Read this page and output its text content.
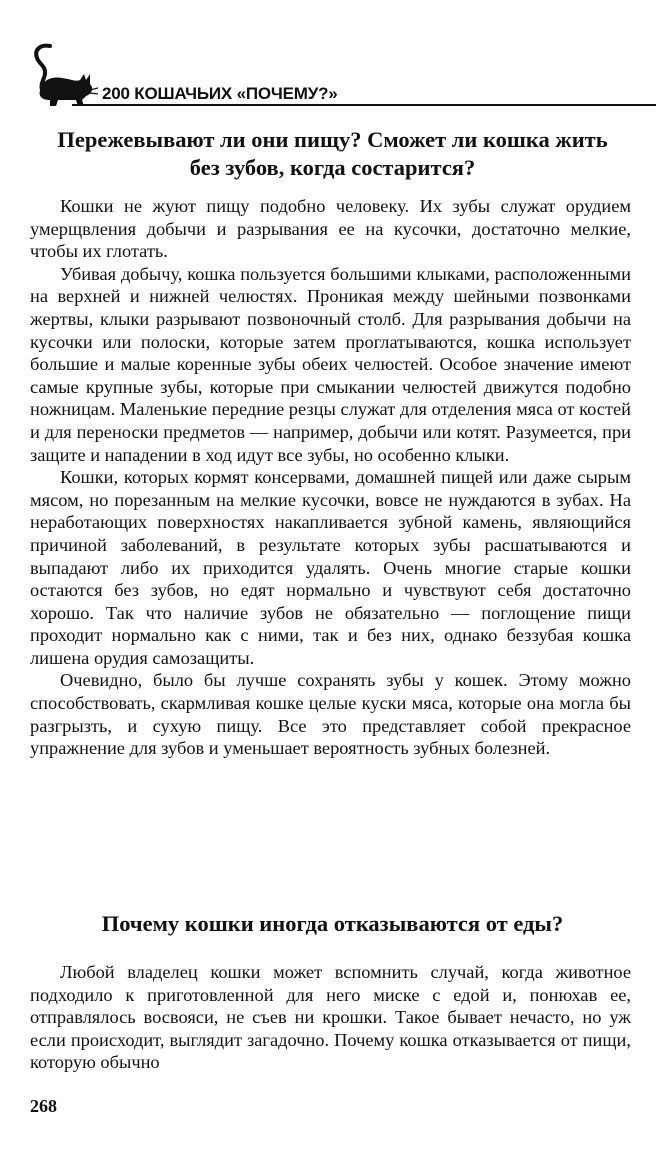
200 КОШАЧЬИХ «ПОЧЕМУ?»
Пережевывают ли они пищу? Сможет ли кошка жить без зубов, когда состарится?

Кошки не жуют пищу подобно человеку. Их зубы служат орудием умерщвления добычи и разрывания ее на кусочки, достаточно мелкие, чтобы их глотать.

Убивая добычу, кошка пользуется большими клыками, расположенными на верхней и нижней челюстях. Проникая между шейными позвонками жертвы, клыки разрывают позвоночный столб. Для разрывания добычи на кусочки или полоски, которые затем проглатываются, кошка использует большие и малые коренные зубы обеих челюстей. Особое значение имеют самые крупные зубы, которые при смыкании челюстей движутся подобно ножницам. Маленькие передние резцы служат для отделения мяса от костей и для переноски предметов — например, добычи или котят. Разумеется, при защите и нападении в ход идут все зубы, но особенно клыки.

Кошки, которых кормят консервами, домашней пищей или даже сырым мясом, но порезанным на мелкие кусочки, вовсе не нуждаются в зубах. На неработающих поверхностях накапливается зубной камень, являющийся причиной заболеваний, в результате которых зубы расшатываются и выпадают либо их приходится удалять. Очень многие старые кошки остаются без зубов, но едят нормально и чувствуют себя достаточно хорошо. Так что наличие зубов не обязательно — поглощение пищи проходит нормально как с ними, так и без них, однако беззубая кошка лишена орудия самозащиты.

Очевидно, было бы лучше сохранять зубы у кошек. Этому можно способствовать, скармливая кошке целые куски мяса, которые она могла бы разгрызть, и сухую пищу. Все это представляет собой прекрасное упражнение для зубов и уменьшает вероятность зубных болезней.

Почему кошки иногда отказываются от еды?

Любой владелец кошки может вспомнить случай, когда животное подходило к приготовленной для него миске с едой и, понюхав ее, отправлялось восвояси, не съев ни крошки. Такое бывает нечасто, но уж если происходит, выглядит загадочно. Почему кошка отказывается от пищи, которую обычно

268
